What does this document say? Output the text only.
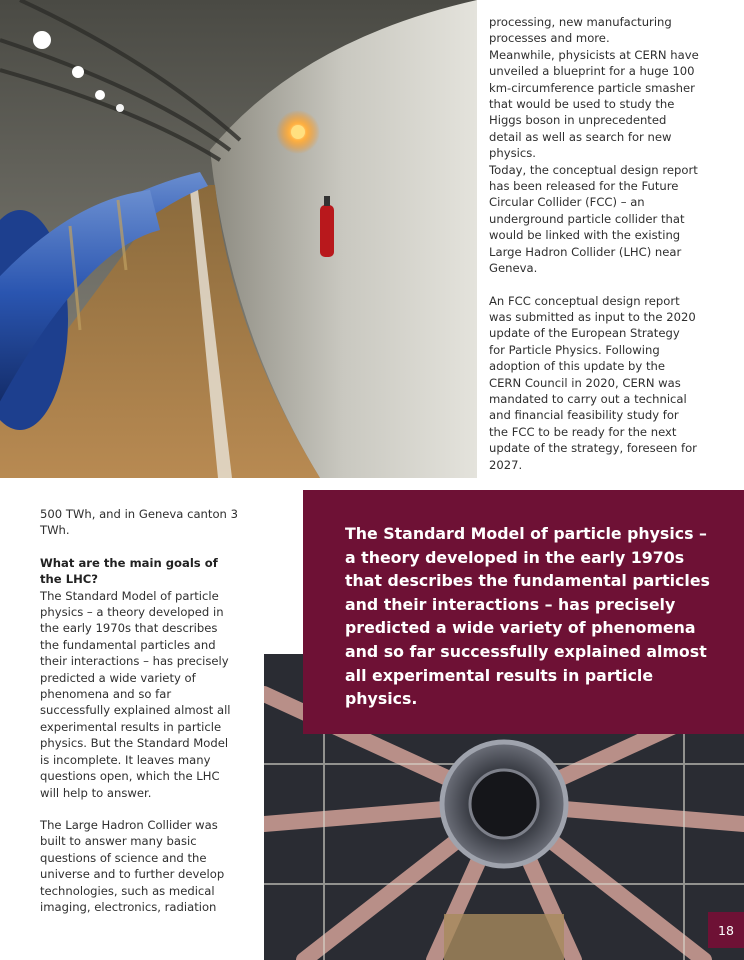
processing, new manufacturing processes and more.

Meanwhile, physicists at CERN have unveiled a blueprint for a huge 100 km-circumference particle smasher that would be used to study the Higgs boson in unprecedented detail as well as search for new physics.

Today, the conceptual design report has been released for the Future Circular Collider (FCC) – an underground particle collider that would be linked with the existing Large Hadron Collider (LHC) near Geneva.

An FCC conceptual design report was submitted as input to the 2020 update of the European Strategy for Particle Physics. Following adoption of this update by the CERN Council in 2020, CERN was mandated to carry out a technical and financial feasibility study for the FCC to be ready for the next update of the strategy, foreseen for 2027.

500 TWh, and in Geneva canton 3 TWh.

What are the main goals of the LHC?

The Standard Model of particle physics – a theory developed in the early 1970s that describes the fundamental particles and their interactions – has precisely predicted a wide variety of phenomena and so far successfully explained almost all experimental results in particle physics. But the Standard Model is incomplete. It leaves many questions open, which the LHC will help to answer.

The Large Hadron Collider was built to answer many basic questions of science and the universe and to further develop technologies, such as medical imaging, electronics, radiation

The Standard Model of particle physics – a theory developed in the early 1970s that describes the fundamental particles and their interactions – has precisely predicted a wide variety of phenomena and so far successfully explained almost all experimental results in particle physics.
18
